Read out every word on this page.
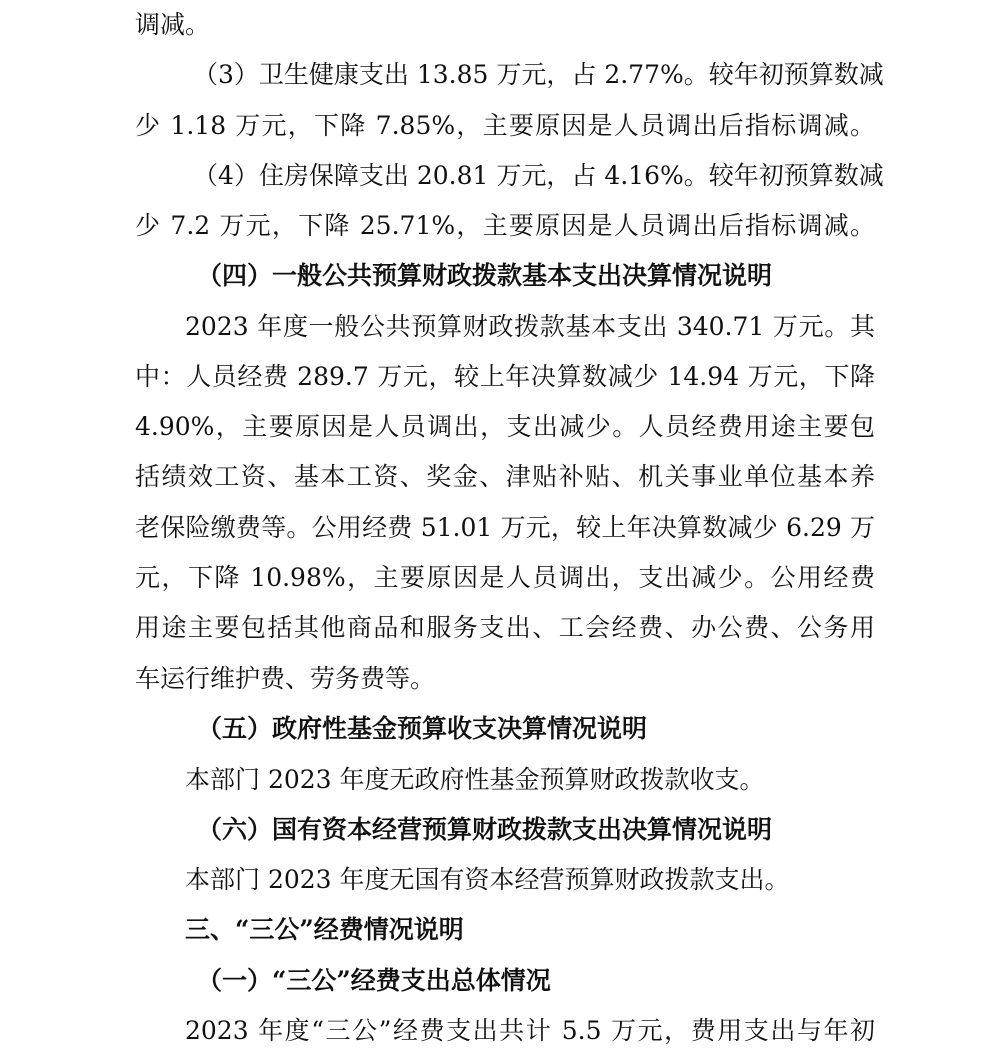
调减。
（3）卫生健康支出 13.85 万元，占 2.77%。较年初预算数减
少 1.18 万元，下降 7.85%，主要原因是人员调出后指标调减。
（4）住房保障支出 20.81 万元，占 4.16%。较年初预算数减
少 7.2 万元，下降 25.71%，主要原因是人员调出后指标调减。
（四）一般公共预算财政拨款基本支出决算情况说明
2023 年度一般公共预算财政拨款基本支出 340.71 万元。其
中：人员经费 289.7 万元，较上年决算数减少 14.94 万元，下降
4.90%，主要原因是人员调出，支出减少。人员经费用途主要包
括绩效工资、基本工资、奖金、津贴补贴、机关事业单位基本养
老保险缴费等。公用经费 51.01 万元，较上年决算数减少 6.29 万
元，下降 10.98%，主要原因是人员调出，支出减少。公用经费
用途主要包括其他商品和服务支出、工会经费、办公费、公务用
车运行维护费、劳务费等。
（五）政府性基金预算收支决算情况说明
本部门 2023 年度无政府性基金预算财政拨款收支。
（六）国有资本经营预算财政拨款支出决算情况说明
本部门 2023 年度无国有资本经营预算财政拨款支出。
三、“三公”经费情况说明
（一）“三公”经费支出总体情况
2023 年度“三公”经费支出共计 5.5 万元，费用支出与年初
